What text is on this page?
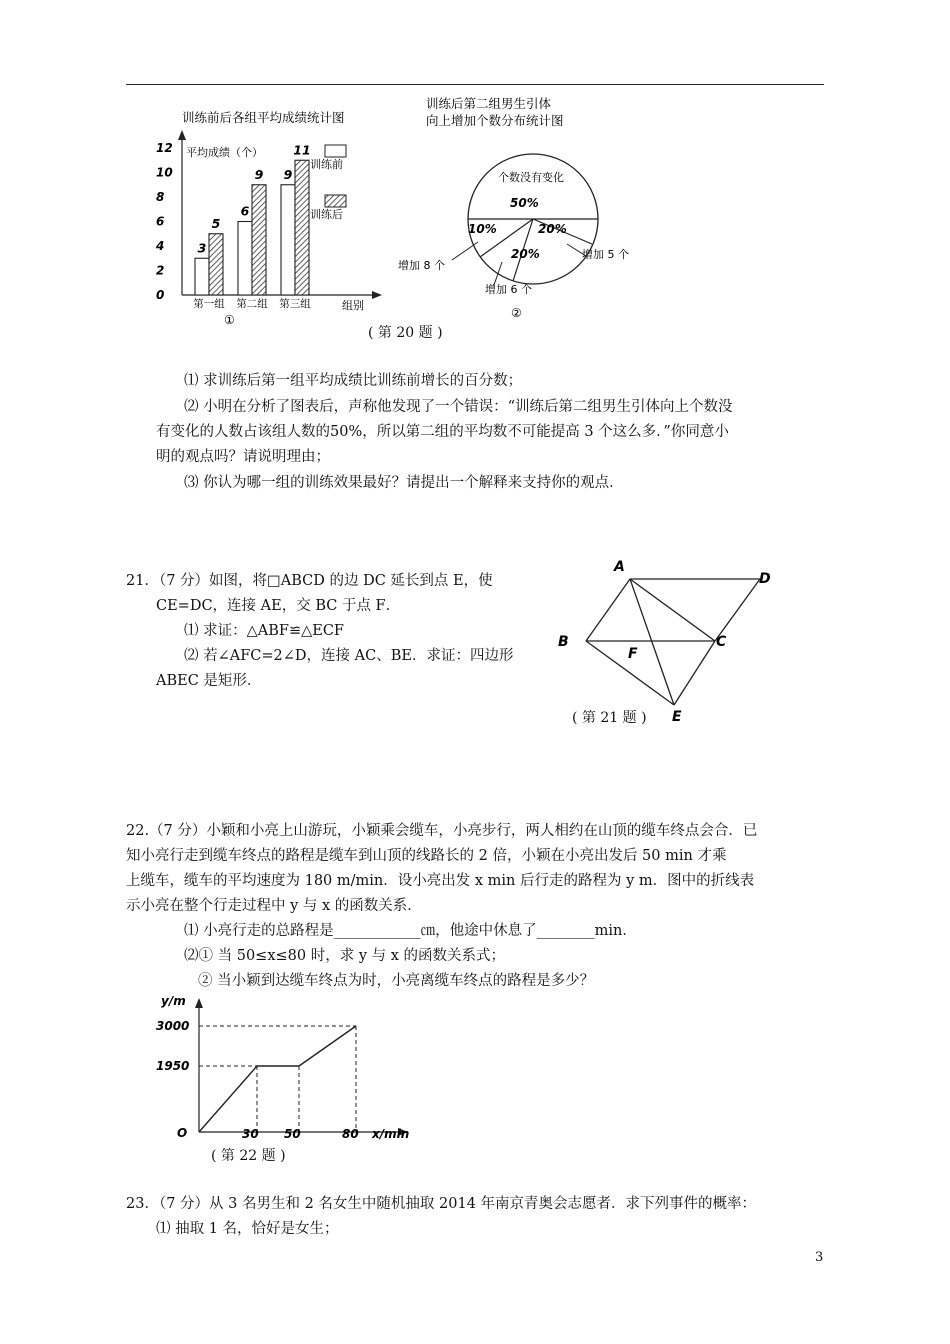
训练前后各组平均成绩统计图
平均成绩（个）
组别
12
10
8
6
4
2
0
3
5
6
9 9
11
第一组 第二组 第三组
训练前
训练后
①
( 第 20 题 )
训练后第二组男生引体
向上增加个数分布统计图
个数没有变化
50%
10%	20%
20%
增加 8 个
增加 5 个
增加 6 个
②
⑴ 求训练后第一组平均成绩比训练前增长的百分数；
⑵ 小明在分析了图表后，声称他发现了一个错误：“训练后第二组男生引体向上个数没
有变化的人数占该组人数的50%，所以第二组的平均数不可能提高 3 个这么多．”你同意小
明的观点吗？请说明理由；
⑶ 你认为哪一组的训练效果最好？请提出一个解释来支持你的观点．
21．（7 分）如图，将□ABCD 的边 DC 延长到点 E，使
CE=DC，连接 AE，交 BC 于点 F．
⑴ 求证：△ABF≌△ECF
⑵ 若∠AFC=2∠D，连接 AC、BE．求证：四边形
ABEC 是矩形．
A
D
B	C
F
E
( 第 21 题 )
22.（7 分）小颖和小亮上山游玩，小颖乘会缆车，小亮步行，两人相约在山顶的缆车终点会合．已
知小亮行走到缆车终点的路程是缆车到山顶的线路长的 2 倍，小颖在小亮出发后 50 min 才乘
上缆车，缆车的平均速度为 180 m/min．设小亮出发 x min 后行走的路程为 y m．图中的折线表
示小亮在整个行走过程中 y 与 x 的函数关系．
⑴ 小亮行走的总路程是____________㎝，他途中休息了________min．
⑵① 当 50≤x≤80 时，求 y 与 x 的函数关系式；
② 当小颖到达缆车终点为时，小亮离缆车终点的路程是多少？
y/m
3000
1950
O	30 50	80 x/min
( 第 22 题 )
23．（7 分）从 3 名男生和 2 名女生中随机抽取 2014 年南京青奥会志愿者．求下列事件的概率：
⑴ 抽取 1 名，恰好是女生；
3
